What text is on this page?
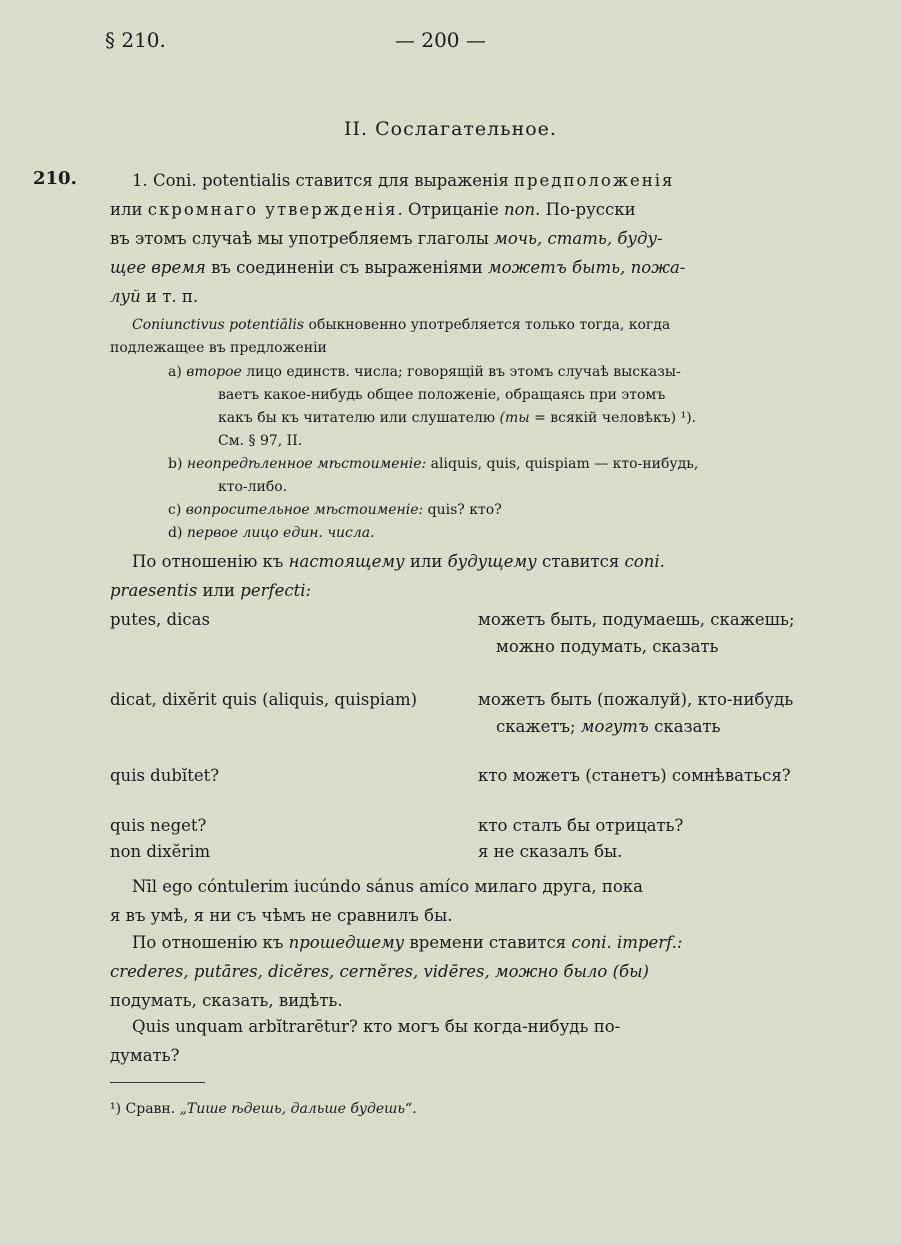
§ 210.	— 200 —
II. Сослагательное.
210.	1. Coni. potentialis ставится для выраженія предположенія
или скромнаго утвержденія. Отрицаніе non. По-русски
въ этомъ случаѣ мы употребляемъ глаголы мочь, стать, буду-
щее время въ соединеніи съ выраженіями можетъ быть, пожа-
луй и т. п.
Coniunctivus potentiālis обыкновенно употребляется только тогда, когда
подлежащее въ предложеніи
a) второе лицо единств. числа; говорящій въ этомъ случаѣ высказы-
ваетъ какое-нибудь общее положеніе, обращаясь при этомъ
какъ бы къ читателю или слушателю (ты = всякій человѣкъ) ¹).
См. § 97, II.
b) неопредѣленное мѣстоименіе: aliquis, quis, quispiam — кто-нибудь,
кто-либо.
c) вопросительное мѣстоименіе: quis? кто?
d) первое лицо един. числа.
По отношенію къ настоящему или будущему ставится coni.
praesentis или perfecti:
putes, dicas	можетъ быть, подумаешь, скажешь; можно подумать, сказать
dicat, dixĕrit quis (aliquis, quispiam)	можетъ быть (пожалуй), кто-нибудь скажетъ; могутъ сказать
quis dubĭtet?	кто можетъ (станетъ) сомнѣваться?
quis neget?	кто сталъ бы отрицать?
non dixĕrim	я не сказалъ бы.
Nīl ego cóntulerim iucúndo sánus amíco милаго друга, пока
я въ умѣ, я ни съ чѣмъ не сравнилъ бы.
По отношенію къ прошедшему времени ставится coni. imperf.:
crederes, putāres, dicĕres, cernĕres, vidēres, можно было (бы)
подумать, сказать, видѣть.
Quis unquam arbĭtrarētur? кто могъ бы когда-нибудь по-
думать?
¹) Сравн. „Тише ѣдешь, дальше будешь“.
